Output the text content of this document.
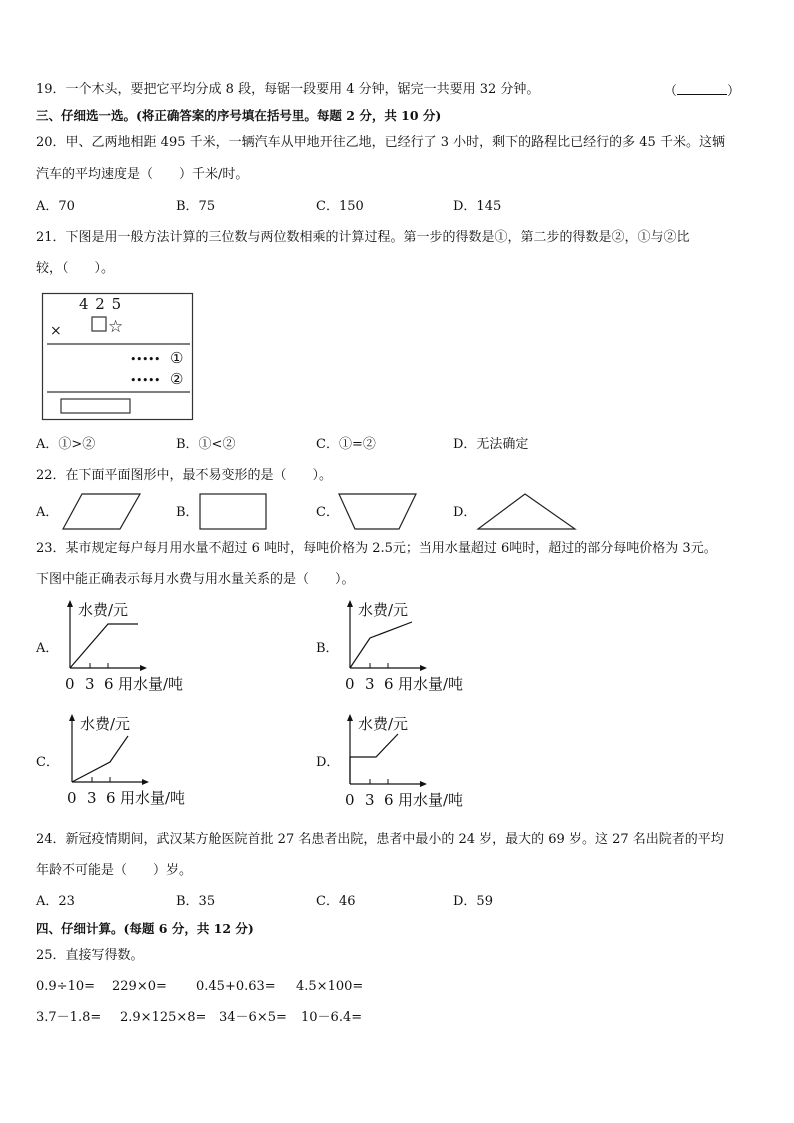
19．一个木头，要把它平均分成 8 段，每锯一段要用 4 分钟，锯完一共要用 32 分钟。	（	）
三、仔细选一选。(将正确答案的序号填在括号里。每题 2 分，共 10 分)
20．甲、乙两地相距 495 千米，一辆汽车从甲地开往乙地，已经行了 3 小时，剩下的路程比已经行的多 45 千米。这辆
汽车的平均速度是（　　）千米/时。
A．70	B．75	C．150	D．145
21．下图是用一般方法计算的三位数与两位数相乘的计算过程。第一步的得数是①，第二步的得数是②，①与②比
较，（　　）。
4 2 5
×	☆
••••• ①
••••• ②
A．①>②	B．①<②	C．①=②	D．无法确定
22．在下面平面图形中，最不易变形的是（　　）。
A．	B．	C．	D．
23．某市规定每户每月用水量不超过 6 吨时，每吨价格为 2.5元；当用水量超过 6吨时，超过的部分每吨价格为 3元。
下图中能正确表示每月水费与用水量关系的是（　　）。
A．
水费/元
0 3 6 用水量/吨
B．
水费/元
0 3 6 用水量/吨
C．
水费/元
0 3 6 用水量/吨
D．
水费/元
0 3 6 用水量/吨
24．新冠疫情期间，武汉某方舱医院首批 27 名患者出院，患者中最小的 24 岁，最大的 69 岁。这 27 名出院者的平均
年龄不可能是（　　）岁。
A．23	B．35	C．46	D．59
四、仔细计算。(每题 6 分，共 12 分)
25．直接写得数。
0.9÷10= 229×0= 0.45+0.63= 4.5×100=
3.7－1.8= 2.9×125×8= 34－6×5= 10－6.4=
